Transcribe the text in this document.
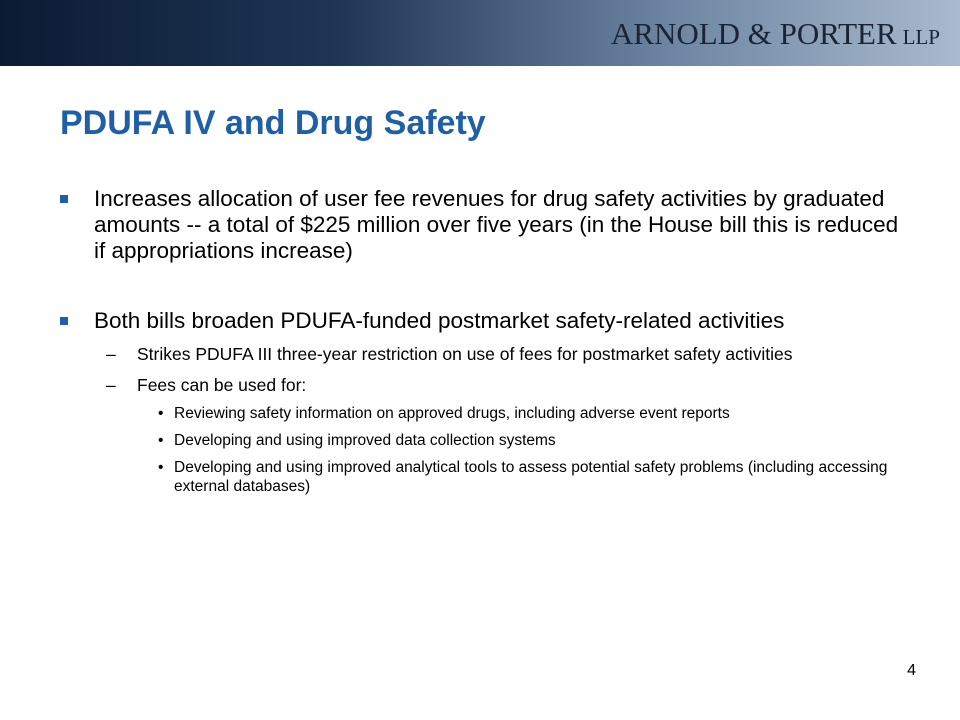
ARNOLD & PORTER LLP
PDUFA IV and Drug Safety
Increases allocation of user fee revenues for drug safety activities by graduated amounts -- a total of $225 million over five years (in the House bill this is reduced if appropriations increase)
Both bills broaden PDUFA-funded postmarket safety-related activities
– Strikes PDUFA III three-year restriction on use of fees for postmarket safety activities
– Fees can be used for:
• Reviewing safety information on approved drugs, including adverse event reports
• Developing and using improved data collection systems
• Developing and using improved analytical tools to assess potential safety problems (including accessing external databases)
4
